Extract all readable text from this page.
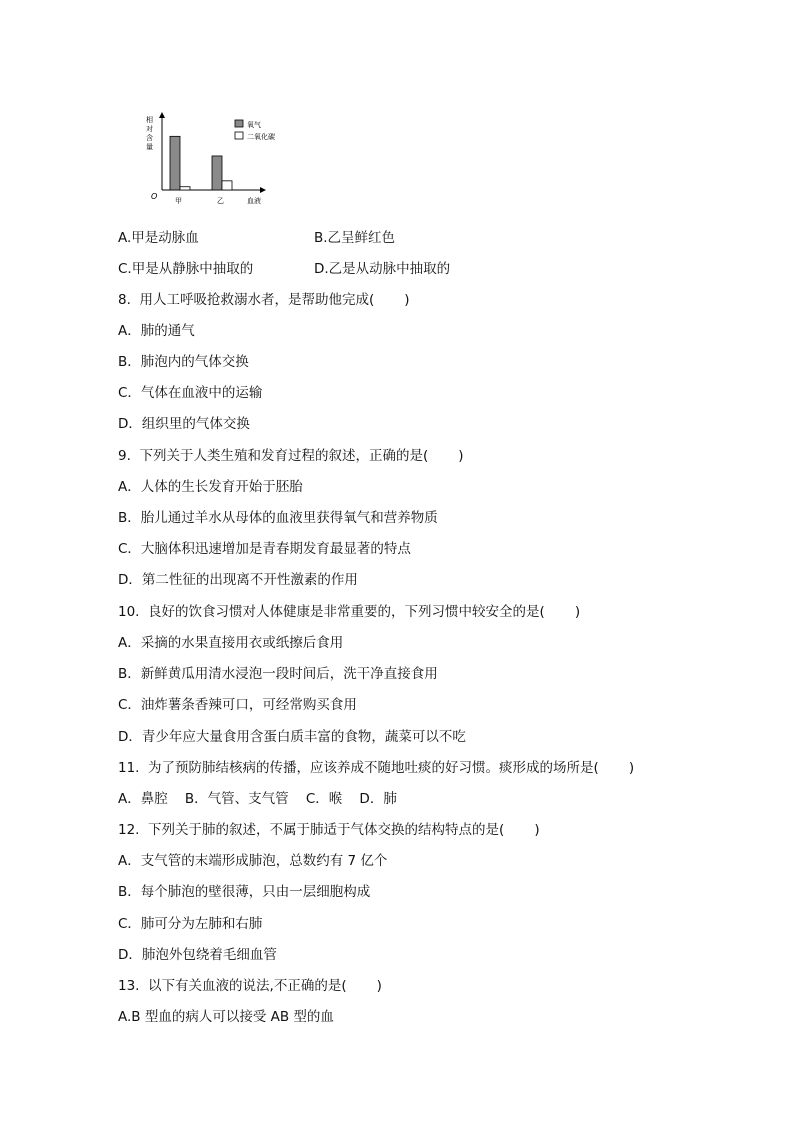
相
对
含
量
O	血液
甲	乙
氧气
二氧化碳
A.甲是动脉血	B.乙呈鲜红色
C.甲是从静脉中抽取的	D.乙是从动脉中抽取的
8.  用人工呼吸抢救溺水者，是帮助他完成(       )
A．肺的通气
B．肺泡内的气体交换
C．气体在血液中的运输
D．组织里的气体交换
9.  下列关于人类生殖和发育过程的叙述，正确的是(       )
A．人体的生长发育开始于胚胎
B．胎儿通过羊水从母体的血液里获得氧气和营养物质
C．大脑体积迅速增加是青春期发育最显著的特点
D．第二性征的出现离不开性激素的作用
10.  良好的饮食习惯对人体健康是非常重要的，下列习惯中较安全的是(       )
A．采摘的水果直接用衣或纸擦后食用
B．新鲜黄瓜用清水浸泡一段时间后，洗干净直接食用
C．油炸薯条香辣可口，可经常购买食用
D．青少年应大量食用含蛋白质丰富的食物，蔬菜可以不吃
11.  为了预防肺结核病的传播，应该养成不随地吐痰的好习惯。痰形成的场所是(       )
A．鼻腔    B．气管、支气管    C．喉    D．肺
12.  下列关于肺的叙述，不属于肺适于气体交换的结构特点的是(       )
A．支气管的末端形成肺泡，总数约有 7 亿个
B．每个肺泡的壁很薄，只由一层细胞构成
C．肺可分为左肺和右肺
D．肺泡外包绕着毛细血管
13.  以下有关血液的说法,不正确的是(       )
A.B 型血的病人可以接受 AB 型的血
